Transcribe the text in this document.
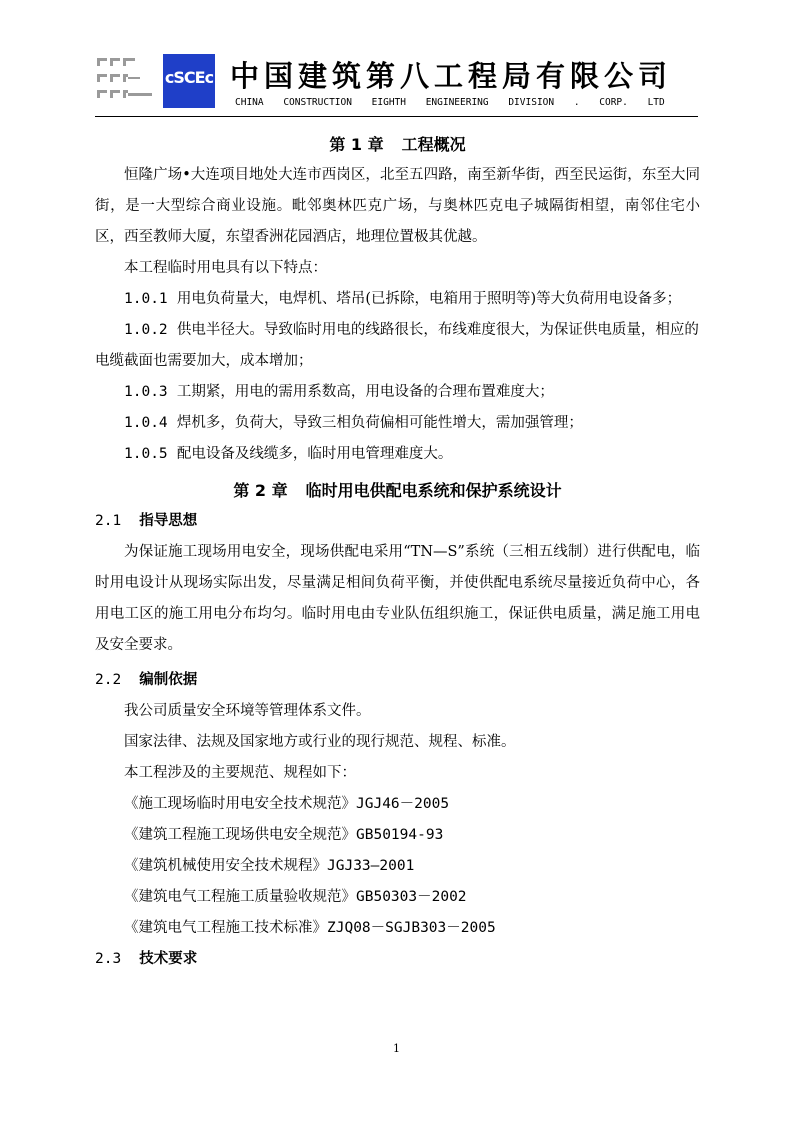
cSCEc 中国建筑第八工程局有限公司
CHINA CONSTRUCTION EIGHTH ENGINEERING DIVISION . CORP. LTD
第 1 章 工程概况
恒隆广场•大连项目地处大连市西岗区，北至五四路，南至新华街，西至民运街，东至大同街，是一大型综合商业设施。毗邻奥林匹克广场，与奥林匹克电子城隔街相望，南邻住宅小区，西至教师大厦，东望香洲花园酒店，地理位置极其优越。
本工程临时用电具有以下特点：
1.0.1 用电负荷量大，电焊机、塔吊(已拆除，电箱用于照明等)等大负荷用电设备多；
1.0.2 供电半径大。导致临时用电的线路很长，布线难度很大，为保证供电质量，相应的电缆截面也需要加大，成本增加；
1.0.3 工期紧，用电的需用系数高，用电设备的合理布置难度大；
1.0.4 焊机多，负荷大，导致三相负荷偏相可能性增大，需加强管理；
1.0.5 配电设备及线缆多，临时用电管理难度大。
第 2 章 临时用电供配电系统和保护系统设计
2.1 指导思想
为保证施工现场用电安全，现场供配电采用“TN—S”系统（三相五线制）进行供配电，临时用电设计从现场实际出发，尽量满足相间负荷平衡，并使供配电系统尽量接近负荷中心，各用电工区的施工用电分布均匀。临时用电由专业队伍组织施工，保证供电质量，满足施工用电及安全要求。
2.2 编制依据
我公司质量安全环境等管理体系文件。
国家法律、法规及国家地方或行业的现行规范、规程、标准。
本工程涉及的主要规范、规程如下：
《施工现场临时用电安全技术规范》JGJ46－2005
《建筑工程施工现场供电安全规范》GB50194-93
《建筑机械使用安全技术规程》JGJ33—2001
《建筑电气工程施工质量验收规范》GB50303－2002
《建筑电气工程施工技术标准》ZJQ08－SGJB303－2005
2.3 技术要求
1
